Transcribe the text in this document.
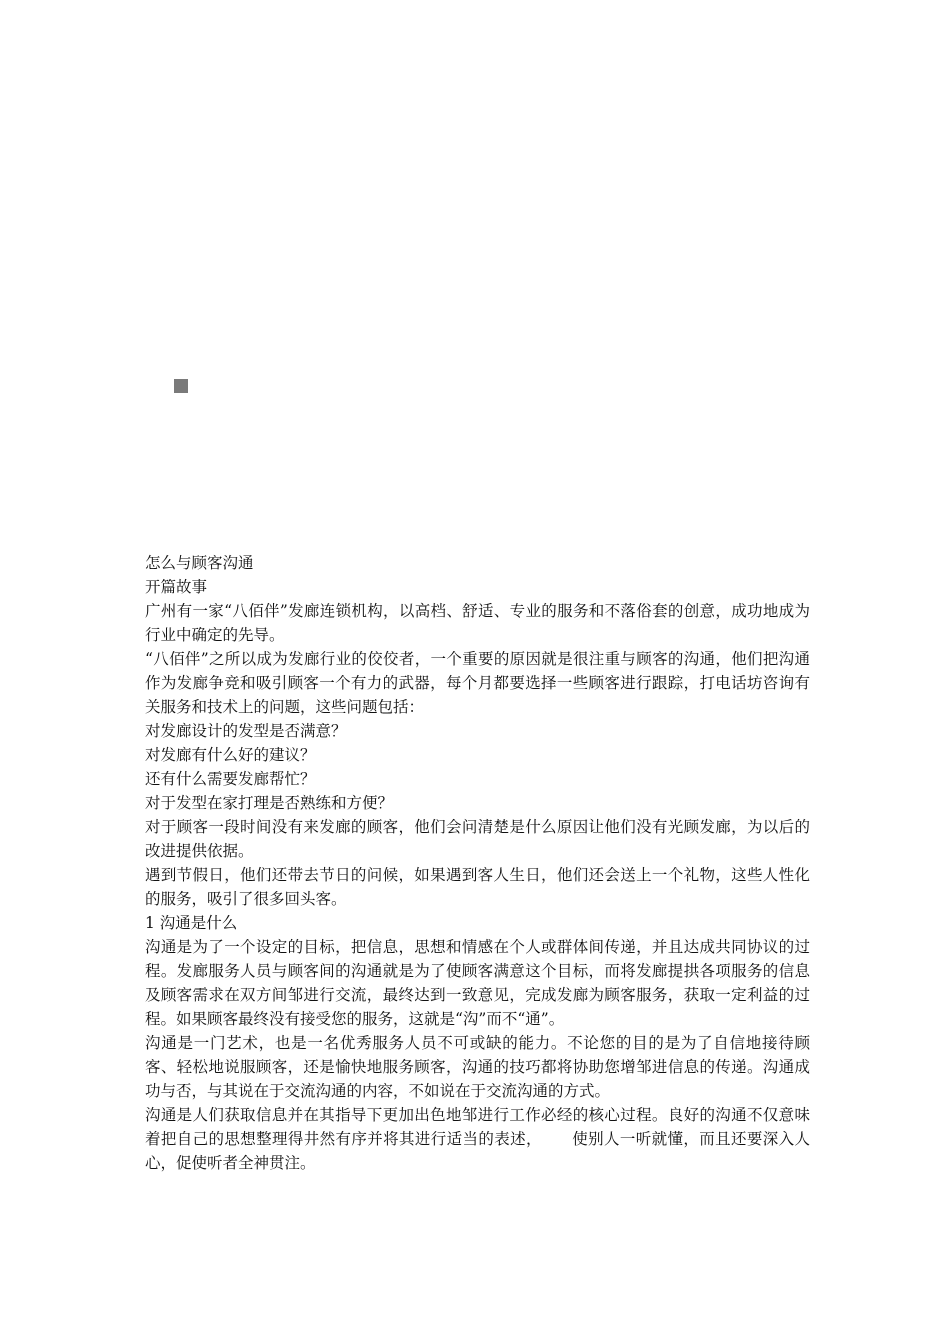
怎么与顾客沟通

开篇故事

广州有一家“八佰伴”发廊连锁机构，以高档、舒适、专业的服务和不落俗套的创意，成功地成为行业中确定的先导。

“八佰伴”之所以成为发廊行业的佼佼者，一个重要的原因就是很注重与顾客的沟通，他们把沟通作为发廊争竞和吸引顾客一个有力的武器，每个月都要选择一些顾客进行跟踪，打电话坊咨询有关服务和技术上的问题，这些问题包括：

对发廊设计的发型是否满意？

对发廊有什么好的建议？

还有什么需要发廊帮忙？

对于发型在家打理是否熟练和方便？

对于顾客一段时间没有来发廊的顾客，他们会问清楚是什么原因让他们没有光顾发廊，为以后的改进提供依据。

遇到节假日，他们还带去节日的问候，如果遇到客人生日，他们还会送上一个礼物，这些人性化的服务，吸引了很多回头客。

1 沟通是什么

沟通是为了一个设定的目标，把信息，思想和情感在个人或群体间传递，并且达成共同协议的过程。发廊服务人员与顾客间的沟通就是为了使顾客满意这个目标，而将发廊提拱各项服务的信息及顾客需求在双方间邹进行交流，最终达到一致意见，完成发廊为顾客服务，获取一定利益的过程。如果顾客最终没有接受您的服务，这就是“沟”而不“通”。

沟通是一门艺术，也是一名优秀服务人员不可或缺的能力。不论您的目的是为了自信地接待顾客、轻松地说服顾客，还是愉快地服务顾客，沟通的技巧都将协助您增邹进信息的传递。沟通成功与否，与其说在于交流沟通的内容，不如说在于交流沟通的方式。

沟通是人们获取信息并在其指导下更加出色地邹进行工作必经的核心过程。良好的沟通不仅意味着把自己的思想整理得井然有序并将其进行适当的表述， 使别人一听就懂，而且还要深入人心，促使听者全神贯注。
